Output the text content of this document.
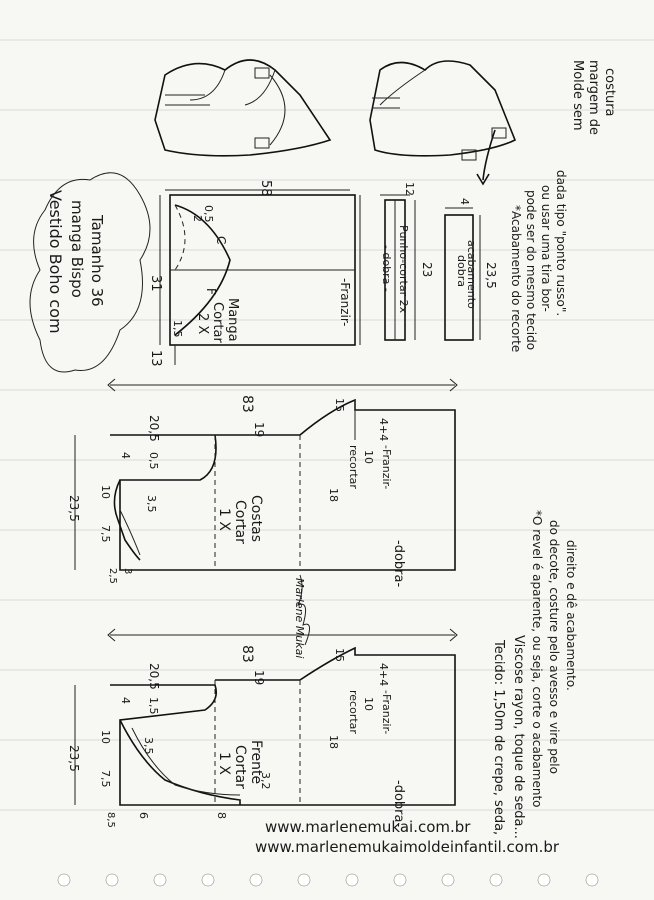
58
31
13
2
0,5
1,5
C
F
Manga
Cortar
2 X	-Franzir-
- dobra - Punho-cortar 2x
12
23
4
23,5
dobra
acabamento	*Acabamento do recorte pode ser do mesmo tecido ou usar uma tira bor- dada tipo "ponto russo".
Vestido Boho com manga Bispo Tamanho 36
Molde sem margem de costura
83
23,5
20,5	19
4 0,5
10
7,5
3,5
2,5 3
18
15
recortar 10
4+4
-Franzir-
Costas
Cortar
1 X
-dobra-
Marlene Mukai
83
23,5
20,5	19
4 1,5
10
7,5
3,5
8,5 6	8
3,2
18
15
recortar 10
4+4
-Franzir-
Frente
Cortar
1 X
-dobra-	Tecido: 1,50m de crepe, seda, Viscose rayon, toque de seda... *O revel é aparente, ou seja, corte o acabamento do decote, costure pelo avesso e vire pelo direito e dê acabamento.
www.marlenemukai.com.br
www.marlenemukaimoldeinfantil.com.br
